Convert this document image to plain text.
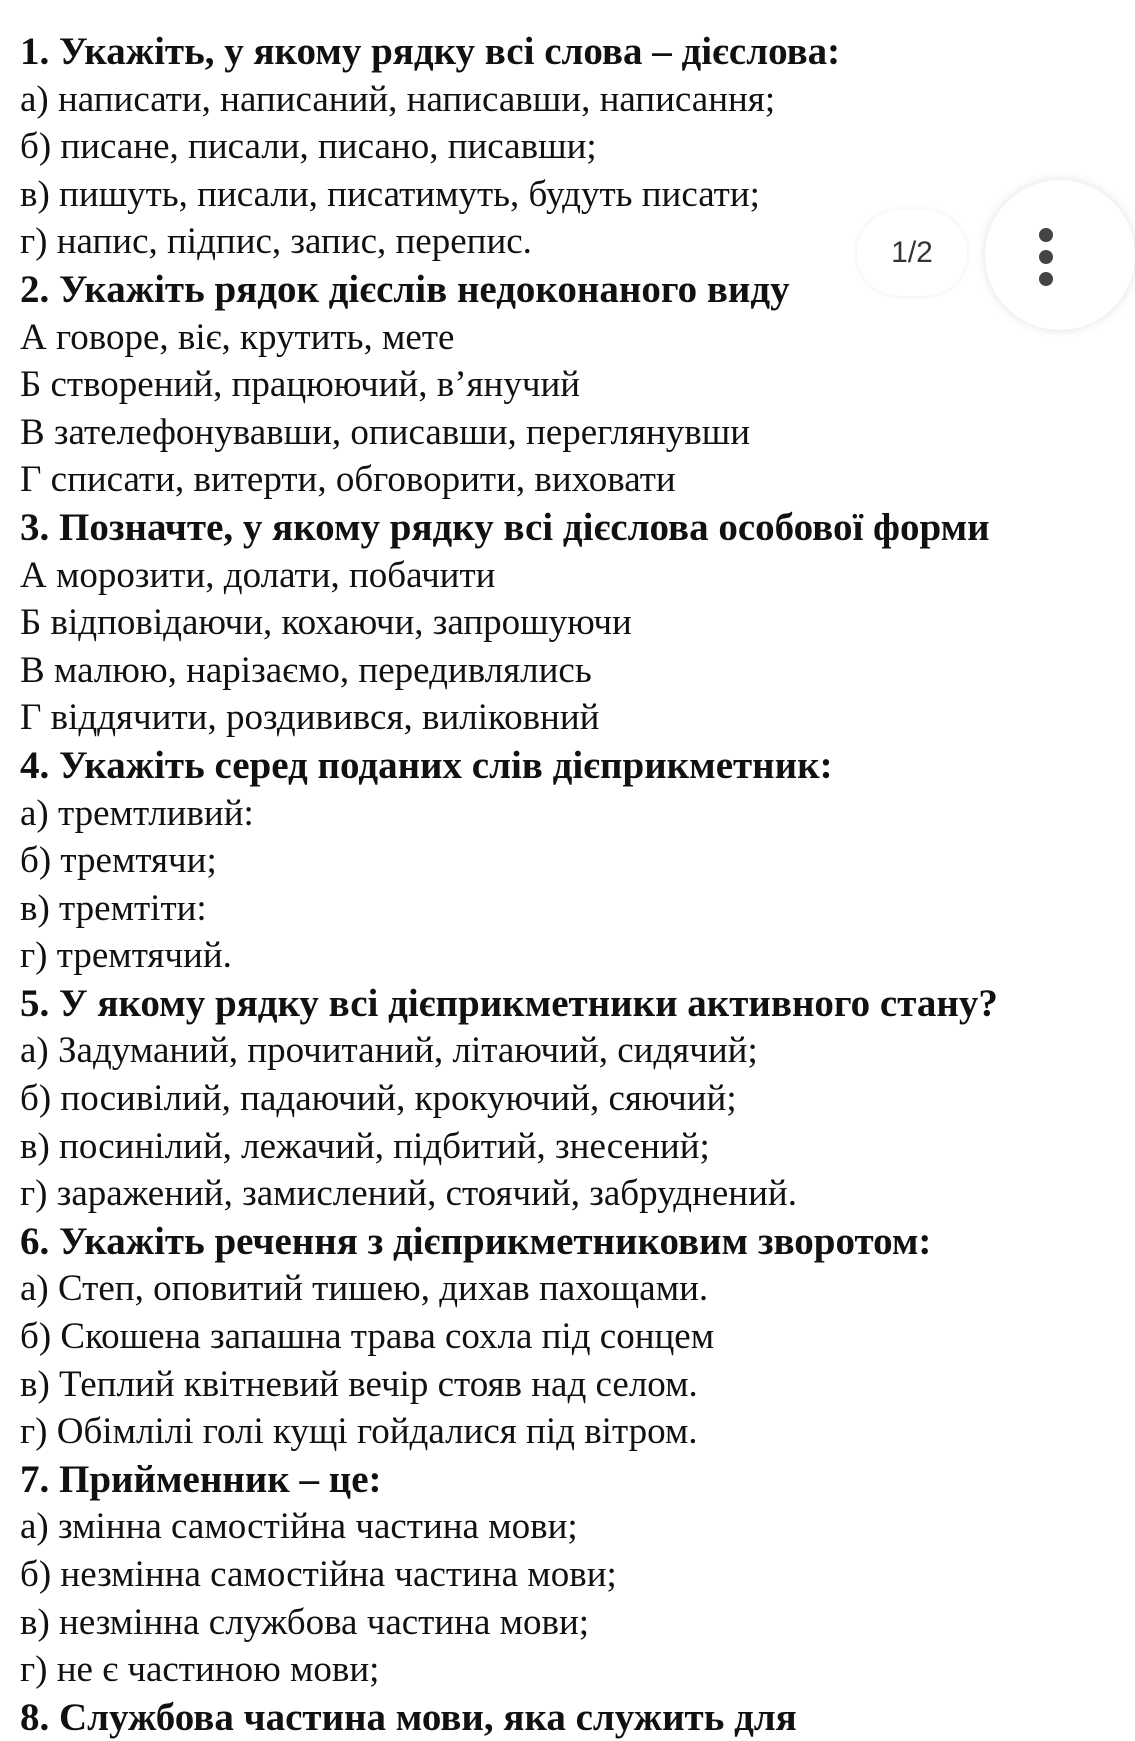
1. Укажіть, у якому рядку всі слова – дієслова:
а) написати, написаний, написавши, написання;
б) писане, писали, писано, писавши;
в) пишуть, писали, писатимуть, будуть писати;
г) напис, підпис, запис, перепис.
2. Укажіть рядок дієслів недоконаного виду
А говоре, віє, крутить, мете
Б створений, працюючий, в’янучий
В зателефонувавши, описавши, переглянувши
Г списати, витерти, обговорити, виховати
3. Позначте, у якому рядку всі дієслова особової форми
А морозити, долати, побачити
Б відповідаючи, кохаючи, запрошуючи
В малюю, нарізаємо, передивлялись
Г віддячити, роздивився, виліковний
4. Укажіть серед поданих слів дієприкметник:
а) тремтливий:
б) тремтячи;
в) тремтіти:
г) тремтячий.
5. У якому рядку всі дієприкметники активного стану?
а) Задуманий, прочитаний, літаючий, сидячий;
б) посивілий, падаючий, крокуючий, сяючий;
в) посинілий, лежачий, підбитий, знесений;
г) заражений, замислений, стоячий, забруднений.
6. Укажіть речення з дієприкметниковим зворотом:
а) Степ, оповитий тишею, дихав пахощами.
б) Скошена запашна трава сохла під сонцем
в) Теплий квітневий вечір стояв над селом.
г) Обімлілі голі кущі гойдалися під вітром.
7. Прийменник – це:
а) змінна самостійна частина мови;
б) незмінна самостійна частина мови;
в) незмінна службова частина мови;
г) не є частиною мови;
8. Службова частина мови, яка служить для
1/2
